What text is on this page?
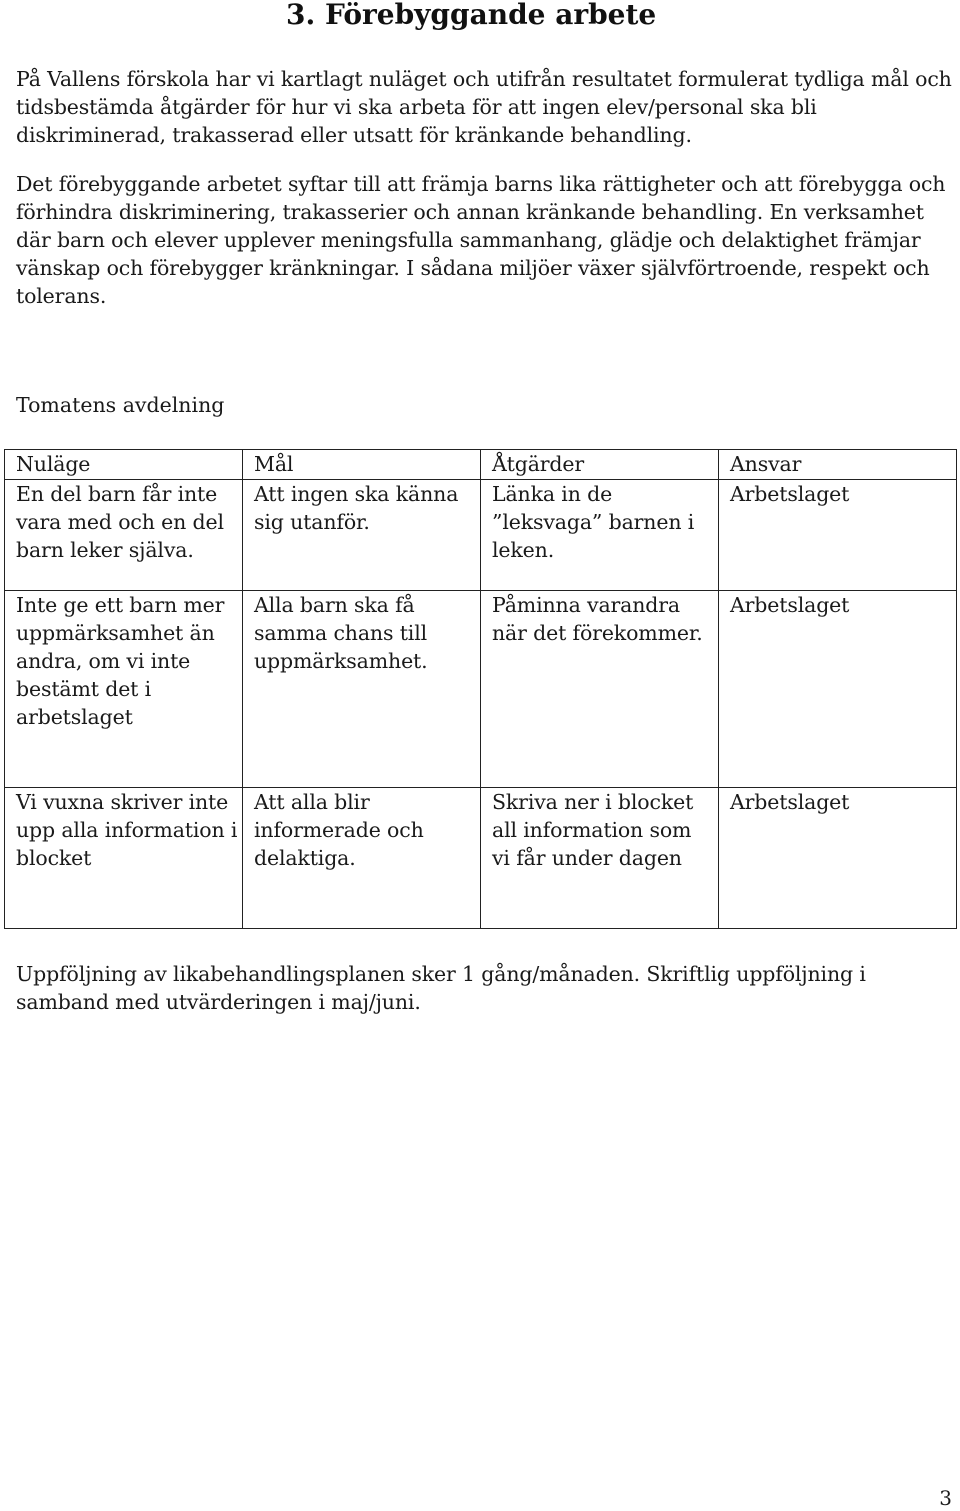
3. Förebyggande arbete

På Vallens förskola har vi kartlagt nuläget och utifrån resultatet formulerat tydliga mål och tidsbestämda åtgärder för hur vi ska arbeta för att ingen elev/personal ska bli diskriminerad, trakasserad eller utsatt för kränkande behandling.

Det förebyggande arbetet syftar till att främja barns lika rättigheter och att förebygga och förhindra diskriminering, trakasserier och annan kränkande behandling. En verksamhet där barn och elever upplever meningsfulla sammanhang, glädje och delaktighet främjar vänskap och förebygger kränkningar. I sådana miljöer växer självförtroende, respekt och tolerans.

Tomatens avdelning

Nuläge	Mål	Åtgärder	Ansvar
En del barn får inte vara med och en del barn leker själva.	Att ingen ska känna sig utanför.	Länka in de ”leksvaga” barnen i leken.	Arbetslaget
Inte ge ett barn mer uppmärksamhet än andra, om vi inte bestämt det i arbetslaget	Alla barn ska få samma chans till uppmärksamhet.	Påminna varandra när det förekommer.	Arbetslaget
Vi vuxna skriver inte upp alla information i blocket	Att alla blir informerade och delaktiga.	Skriva ner i blocket all information som vi får under dagen	Arbetslaget

Uppföljning av likabehandlingsplanen sker 1 gång/månaden. Skriftlig uppföljning i samband med utvärderingen i maj/juni.

3
